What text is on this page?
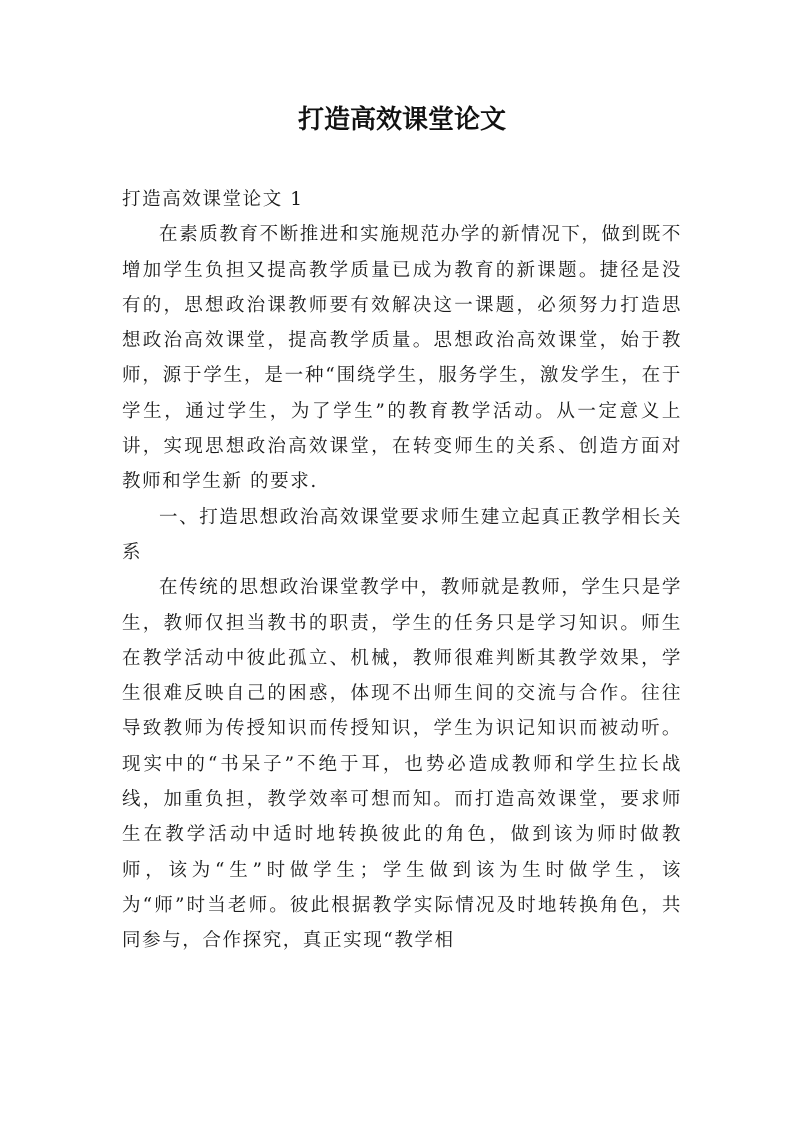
打造高效课堂论文

打造高效课堂论文 1

在素质教育不断推进和实施规范办学的新情况下，做到既不增加学生负担又提高教学质量已成为教育的新课题。捷径是没有的，思想政治课教师要有效解决这一课题，必须努力打造思想政治高效课堂，提高教学质量。思想政治高效课堂，始于教师，源于学生，是一种“围绕学生，服务学生，激发学生，在于学生，通过学生，为了学生”的教育教学活动。从一定意义上讲，实现思想政治高效课堂，在转变师生的关系、创造方面对教师和学生新 的要求.

一、打造思想政治高效课堂要求师生建立起真正教学相长关系

在传统的思想政治课堂教学中，教师就是教师，学生只是学生，教师仅担当教书的职责，学生的任务只是学习知识。师生在教学活动中彼此孤立、机械，教师很难判断其教学效果，学生很难反映自己的困惑，体现不出师生间的交流与合作。往往导致教师为传授知识而传授知识，学生为识记知识而被动听。现实中的“书呆子”不绝于耳，也势必造成教师和学生拉长战线，加重负担，教学效率可想而知。而打造高效课堂，要求师生在教学活动中适时地转换彼此的角色，做到该为师时做教师，该为“生”时做学生；学生做到该为生时做学生，该为“师”时当老师。彼此根据教学实际情况及时地转换角色，共同参与，合作探究，真正实现“教学相
